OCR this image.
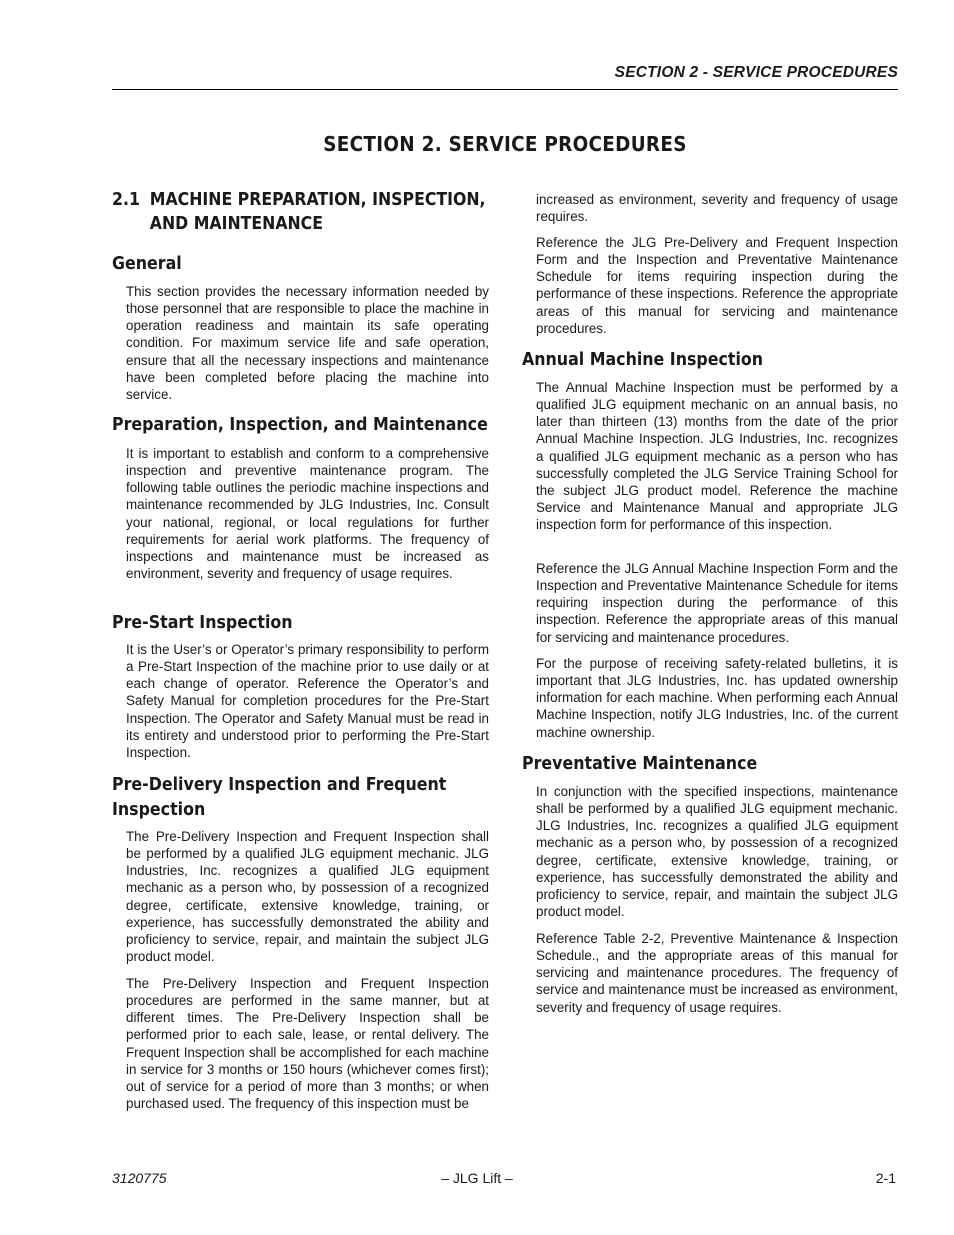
SECTION 2 - SERVICE PROCEDURES
SECTION 2. SERVICE PROCEDURES
2.1 MACHINE PREPARATION, INSPECTION,
AND MAINTENANCE
General
This section provides the necessary information needed by those personnel that are responsible to place the machine in operation readiness and maintain its safe operating condition. For maximum service life and safe operation, ensure that all the necessary inspections and maintenance have been completed before placing the machine into service.
Preparation, Inspection, and Maintenance
It is important to establish and conform to a comprehensive inspection and preventive maintenance program. The following table outlines the periodic machine inspections and maintenance recommended by JLG Industries, Inc. Consult your national, regional, or local regulations for further requirements for aerial work platforms. The frequency of inspections and maintenance must be increased as environment, severity and frequency of usage requires.
Pre-Start Inspection
It is the User’s or Operator’s primary responsibility to perform a Pre-Start Inspection of the machine prior to use daily or at each change of operator. Reference the Operator’s and Safety Manual for completion procedures for the Pre-Start Inspection. The Operator and Safety Manual must be read in its entirety and understood prior to performing the Pre-Start Inspection.
Pre-Delivery Inspection and Frequent
Inspection
The Pre-Delivery Inspection and Frequent Inspection shall be performed by a qualified JLG equipment mechanic. JLG Industries, Inc. recognizes a qualified JLG equipment mechanic as a person who, by possession of a recognized degree, certificate, extensive knowledge, training, or experience, has successfully demonstrated the ability and proficiency to service, repair, and maintain the subject JLG product model.
The Pre-Delivery Inspection and Frequent Inspection procedures are performed in the same manner, but at different times. The Pre-Delivery Inspection shall be performed prior to each sale, lease, or rental delivery. The Frequent Inspection shall be accomplished for each machine in service for 3 months or 150 hours (whichever comes first); out of service for a period of more than 3 months; or when purchased used. The frequency of this inspection must be
increased as environment, severity and frequency of usage requires.
Reference the JLG Pre-Delivery and Frequent Inspection Form and the Inspection and Preventative Maintenance Schedule for items requiring inspection during the performance of these inspections. Reference the appropriate areas of this manual for servicing and maintenance procedures.
Annual Machine Inspection
The Annual Machine Inspection must be performed by a qualified JLG equipment mechanic on an annual basis, no later than thirteen (13) months from the date of the prior Annual Machine Inspection. JLG Industries, Inc. recognizes a qualified JLG equipment mechanic as a person who has successfully completed the JLG Service Training School for the subject JLG product model. Reference the machine Service and Maintenance Manual and appropriate JLG inspection form for performance of this inspection.
Reference the JLG Annual Machine Inspection Form and the Inspection and Preventative Maintenance Schedule for items requiring inspection during the performance of this inspection. Reference the appropriate areas of this manual for servicing and maintenance procedures.
For the purpose of receiving safety-related bulletins, it is important that JLG Industries, Inc. has updated ownership information for each machine. When performing each Annual Machine Inspection, notify JLG Industries, Inc. of the current machine ownership.
Preventative Maintenance
In conjunction with the specified inspections, maintenance shall be performed by a qualified JLG equipment mechanic. JLG Industries, Inc. recognizes a qualified JLG equipment mechanic as a person who, by possession of a recognized degree, certificate, extensive knowledge, training, or experience, has successfully demonstrated the ability and proficiency to service, repair, and maintain the subject JLG product model.
Reference Table 2-2, Preventive Maintenance & Inspection Schedule., and the appropriate areas of this manual for servicing and maintenance procedures. The frequency of service and maintenance must be increased as environment, severity and frequency of usage requires.
3120775	– JLG Lift –	2-1
